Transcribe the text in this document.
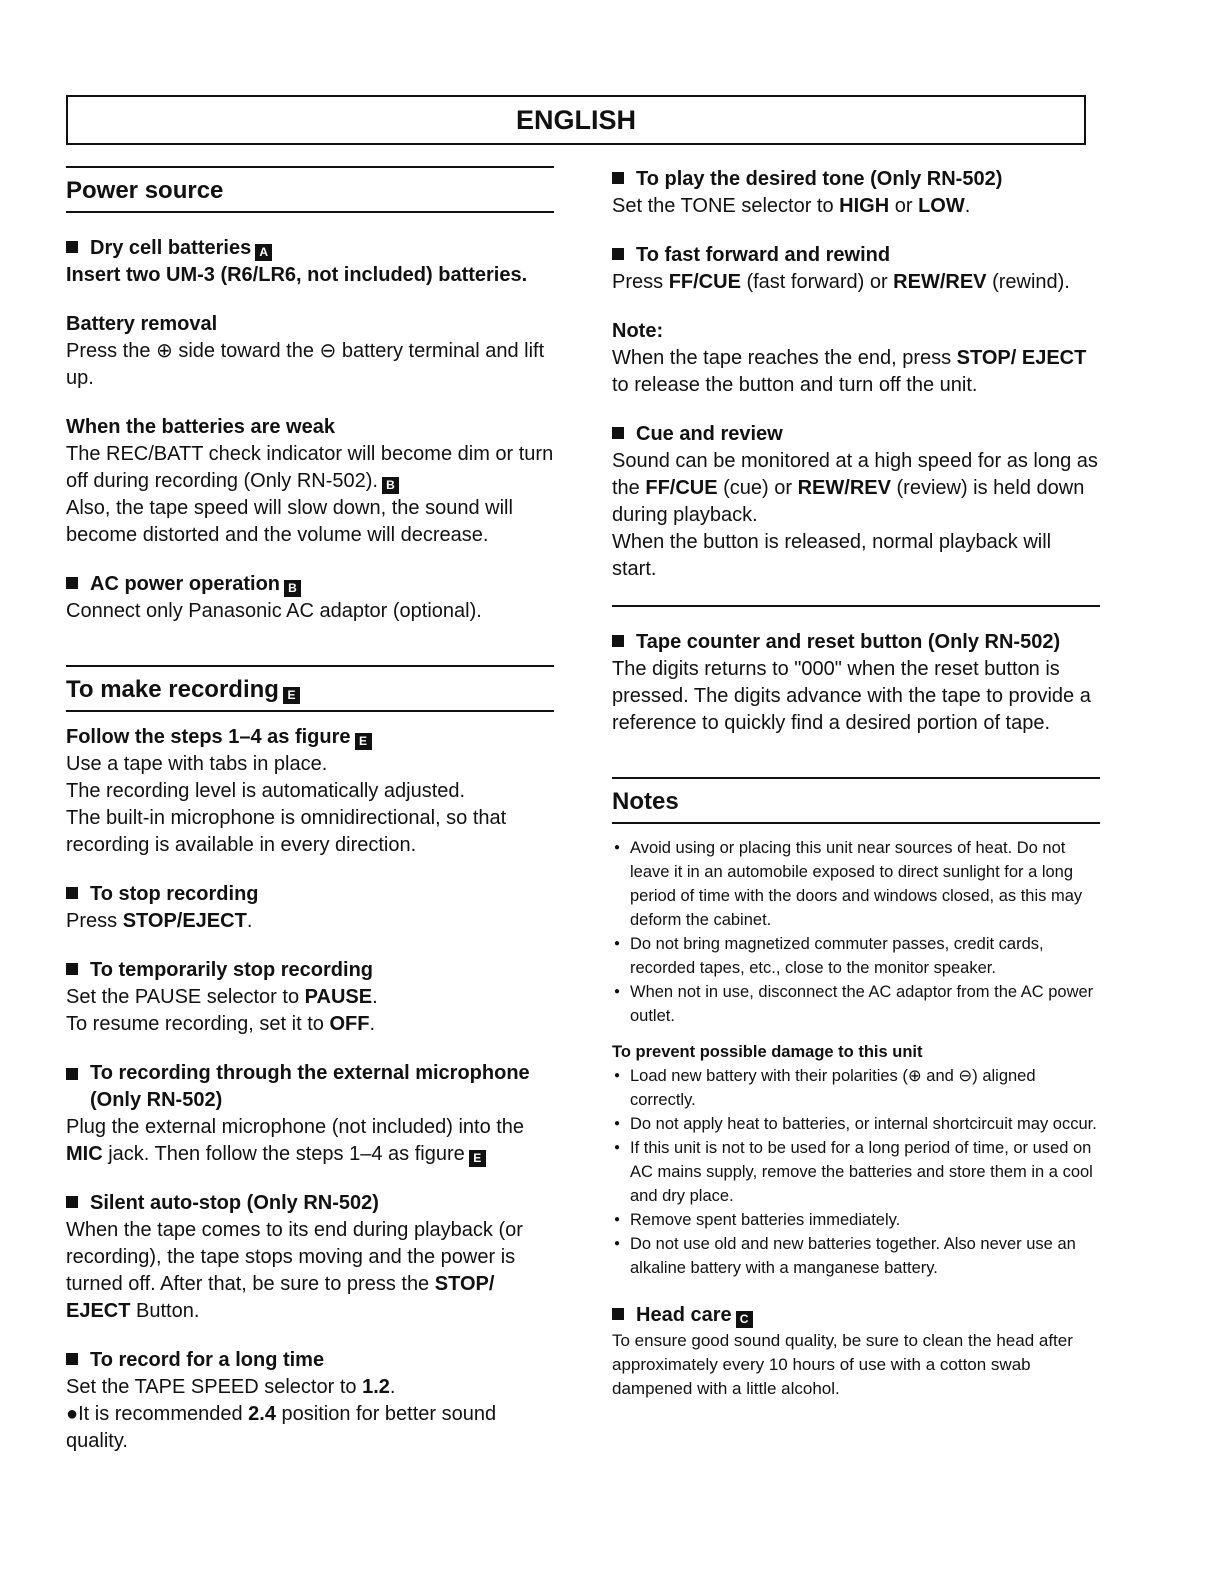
ENGLISH
Power source
Dry cell batteries A

Insert two UM-3 (R6/LR6, not included) batteries.

Battery removal

Press the ⊕ side toward the ⊖ battery terminal and lift up.

When the batteries are weak

The REC/BATT check indicator will become dim or turn off during recording (Only RN-502). B

Also, the tape speed will slow down, the sound will become distorted and the volume will decrease.

AC power operation B

Connect only Panasonic AC adaptor (optional).

To make recording E
Follow the steps 1–4 as figure E

Use a tape with tabs in place.

The recording level is automatically adjusted.

The built-in microphone is omnidirectional, so that recording is available in every direction.

To stop recording

Press STOP/EJECT.

To temporarily stop recording

Set the PAUSE selector to PAUSE.

To resume recording, set it to OFF.

To recording through the external microphone (Only RN-502)

Plug the external microphone (not included) into the MIC jack. Then follow the steps 1–4 as figure E

Silent auto-stop (Only RN-502)

When the tape comes to its end during playback (or recording), the tape stops moving and the power is turned off. After that, be sure to press the STOP/ EJECT Button.

To record for a long time

Set the TAPE SPEED selector to 1.2.

●It is recommended 2.4 position for better sound quality.

To play the desired tone (Only RN-502)

Set the TONE selector to HIGH or LOW.

To fast forward and rewind

Press FF/CUE (fast forward) or REW/REV (rewind).

Note:

When the tape reaches the end, press STOP/ EJECT to release the button and turn off the unit.

Cue and review

Sound can be monitored at a high speed for as long as the FF/CUE (cue) or REW/REV (review) is held down during playback.

When the button is released, normal playback will start.

Tape counter and reset button (Only RN-502)

The digits returns to "000" when the reset button is pressed. The digits advance with the tape to provide a reference to quickly find a desired portion of tape.

Notes
● Avoid using or placing this unit near sources of heat. Do not leave it in an automobile exposed to direct sunlight for a long period of time with the doors and windows closed, as this may deform the cabinet.
● Do not bring magnetized commuter passes, credit cards, recorded tapes, etc., close to the monitor speaker.
● When not in use, disconnect the AC adaptor from the AC power outlet.
To prevent possible damage to this unit
● Load new battery with their polarities (⊕ and ⊖) aligned correctly.
● Do not apply heat to batteries, or internal shortcircuit may occur.
● If this unit is not to be used for a long period of time, or used on AC mains supply, remove the batteries and store them in a cool and dry place.
● Remove spent batteries immediately.
● Do not use old and new batteries together. Also never use an alkaline battery with a manganese battery.
Head care C

To ensure good sound quality, be sure to clean the head after approximately every 10 hours of use with a cotton swab dampened with a little alcohol.
